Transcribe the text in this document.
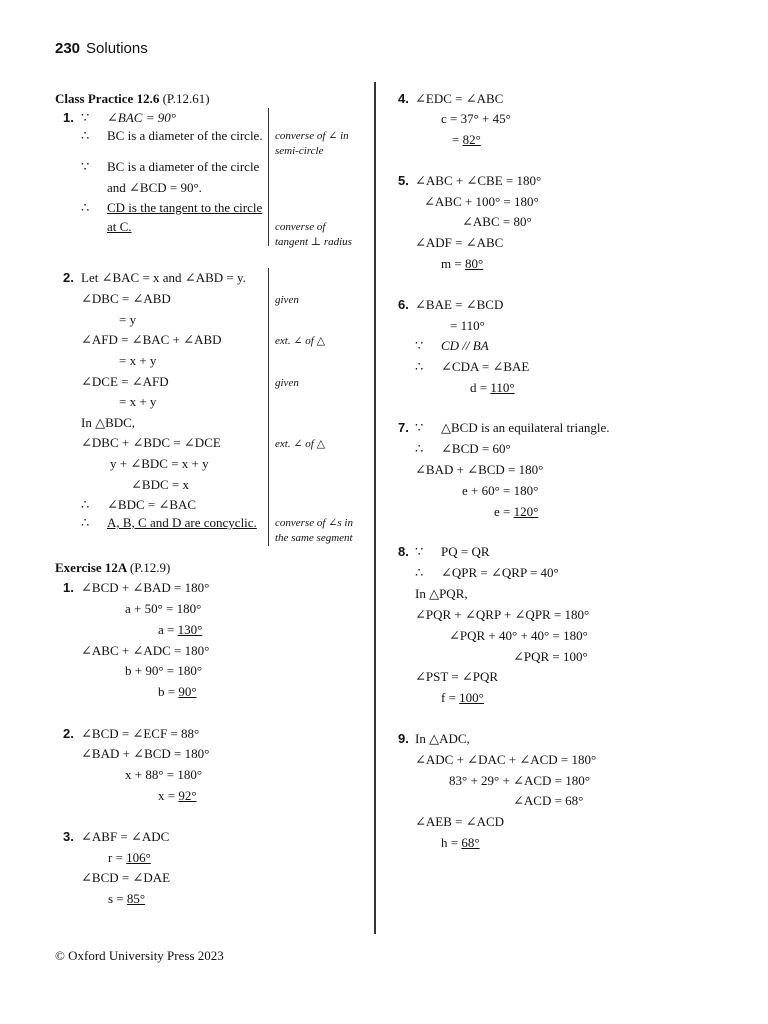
230 Solutions
Class Practice 12.6 (P.12.61)
1. ∵ ∠BAC = 90°
∴ BC is a diameter of the circle.
∵ BC is a diameter of the circle
and ∠BCD = 90°.
∴ CD is the tangent to the circle
at C.
converse of ∠ in
semi-circle
converse of
tangent ⊥ radius
2. Let ∠BAC = x and ∠ABD = y.
∠DBC = ∠ABD
= y
∠AFD = ∠BAC + ∠ABD
= x + y
∠DCE = ∠AFD
= x + y
In △BDC,
∠DBC + ∠BDC = ∠DCE
y + ∠BDC = x + y
∠BDC = x
∴ ∠BDC = ∠BAC
∴ A, B, C and D are concyclic.
given
ext. ∠ of △
given
ext. ∠ of △
converse of ∠s in
the same segment
Exercise 12A (P.12.9)
1. ∠BCD + ∠BAD = 180°
a + 50° = 180°
a = 130°
∠ABC + ∠ADC = 180°
b + 90° = 180°
b = 90°
2. ∠BCD = ∠ECF = 88°
∠BAD + ∠BCD = 180°
x + 88° = 180°
x = 92°
3. ∠ABF = ∠ADC
r = 106°
∠BCD = ∠DAE
s = 85°
4. ∠EDC = ∠ABC
c = 37° + 45°
= 82°
5. ∠ABC + ∠CBE = 180°
∠ABC + 100° = 180°
∠ABC = 80°
∠ADF = ∠ABC
m = 80°
6. ∠BAE = ∠BCD
= 110°
∵ CD // BA
∴ ∠CDA = ∠BAE
d = 110°
7. ∵ △BCD is an equilateral triangle.
∴ ∠BCD = 60°
∠BAD + ∠BCD = 180°
e + 60° = 180°
e = 120°
8. ∵ PQ = QR
∴ ∠QPR = ∠QRP = 40°
In △PQR,
∠PQR + ∠QRP + ∠QPR = 180°
∠PQR + 40° + 40° = 180°
∠PQR = 100°
∠PST = ∠PQR
f = 100°
9. In △ADC,
∠ADC + ∠DAC + ∠ACD = 180°
83° + 29° + ∠ACD = 180°
∠ACD = 68°
∠AEB = ∠ACD
h = 68°
© Oxford University Press 2023
